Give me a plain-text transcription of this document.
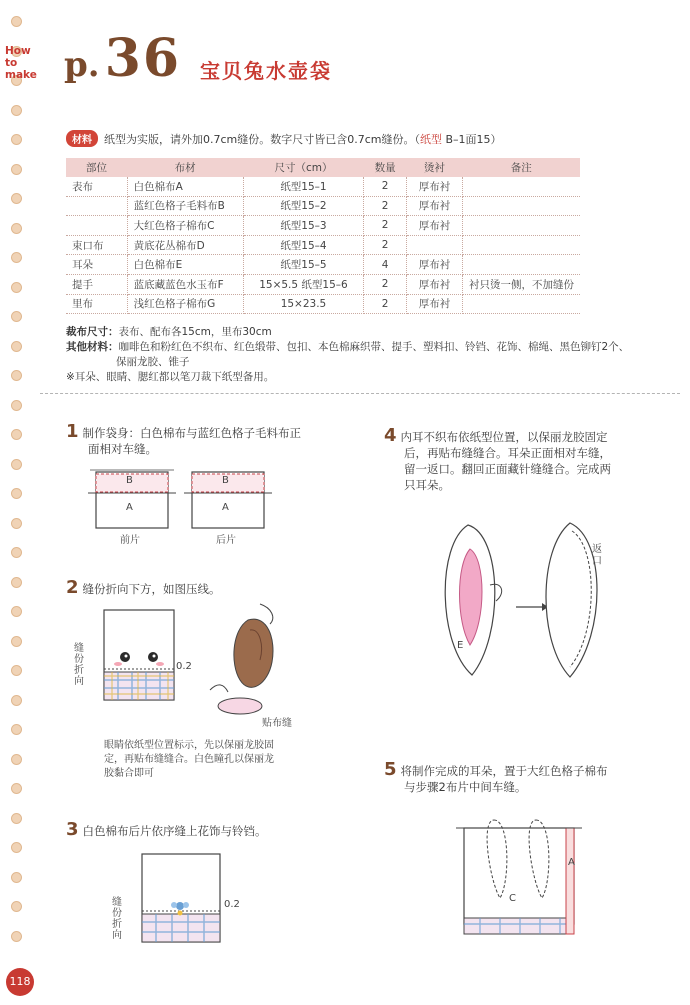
How
to
make p. 36 宝贝兔水壶袋
材料 纸型为实版，请外加0.7cm缝份。数字尺寸皆已含0.7cm缝份。（纸型 B–1面15）
部位	布材	尺寸（cm）	数量	烫衬	备注
表布	白色棉布A	纸型15–1	2	厚布衬	
	蓝红色格子毛料布B	纸型15–2	2	厚布衬	
	大红色格子棉布C	纸型15–3	2	厚布衬	
束口布	黄底花丛棉布D	纸型15–4	2		
耳朵	白色棉布E	纸型15–5	4	厚布衬	
提手	蓝底藏蓝色水玉布F	15×5.5 纸型15–6	2	厚布衬	衬只烫一侧，不加缝份
里布	浅红色格子棉布G	15×23.5	2	厚布衬	
裁布尺寸：表布、配布各15cm，里布30cm
其他材料：咖啡色和粉红色不织布、红色缎带、包扣、本色棉麻织带、提手、塑料扣、铃铛、花饰、棉绳、黑色铆钉2个、
保丽龙胶、锥子
※耳朵、眼睛、腮红都以笔刀裁下纸型备用。
1 制作袋身：白色棉布与蓝红色格子毛料布正
面相对车缝。
B
A
B
A
前片	后片
2 缝份折向下方，如图压线。
0.2
缝
份
折
向
贴布缝
眼睛依纸型位置标示，先以保丽龙胶固
定，再贴布缝缝合。白色瞳孔以保丽龙
胶黏合即可
3 白色棉布后片依序缝上花饰与铃铛。
0.2
缝
份
折
向
4 内耳不织布依纸型位置，以保丽龙胶固定
后，再贴布缝缝合。耳朵正面相对车缝，
留一返口。翻回正面藏针缝缝合。完成两
只耳朵。
E
返
口
5 将制作完成的耳朵，置于大红色格子棉布
与步骤2布片中间车缝。
C
A
118
